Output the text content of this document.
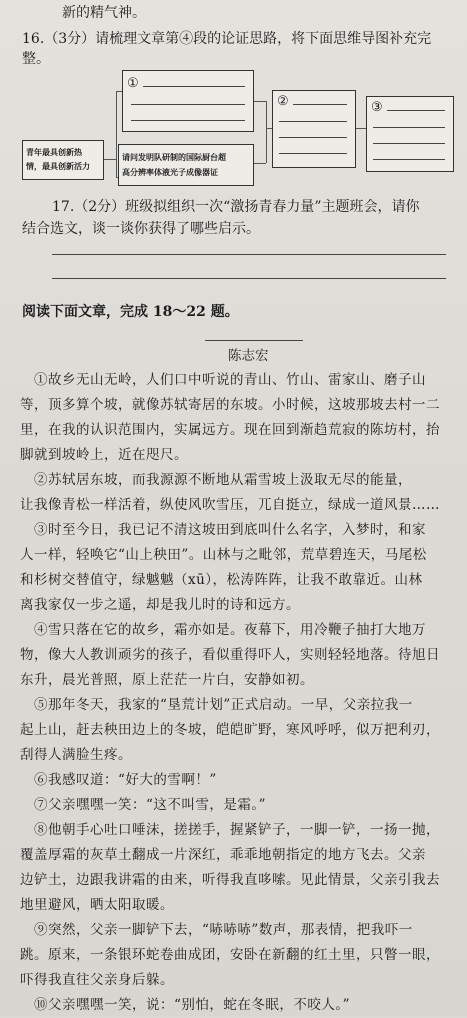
新的精气神。
16.（3分）请梳理文章第④段的论证思路，将下面思维导图补充完
整。
青年最具创新热
情，最具创新活力
①
请问发明队研制的国际厨台超
高分辨率体液光子成像器证
②	③
17.（2分）班级拟组织一次“激扬青春力量”主题班会，请你
结合选文，谈一谈你获得了哪些启示。
阅读下面文章，完成 18～22 题。
陈志宏
①故乡无山无岭，人们口中听说的青山、竹山、雷家山、磨子山
等，顶多算个坡，就像苏轼寄居的东坡。小时候，这坡那坡去村一二
里，在我的认识范围内，实属远方。现在回到渐趋荒寂的陈坊村，抬
脚就到坡岭上，近在咫尺。
②苏轼居东坡，而我源源不断地从霜雪坡上汲取无尽的能量，
让我像青松一样活着，纵使风吹雪压，兀自挺立，绿成一道风景……
③时至今日，我已记不清这坡田到底叫什么名字，入梦时，和家
人一样，轻唤它“山上秧田”。山林与之毗邻，荒草碧连天，马尾松
和杉树交替值守，绿魆魆（xū），松涛阵阵，让我不敢靠近。山林
离我家仅一步之遥，却是我儿时的诗和远方。
④雪只落在它的故乡，霜亦如是。夜幕下，用冷鞭子抽打大地万
物，像大人教训顽劣的孩子，看似重得吓人，实则轻轻地落。待旭日
东升，晨光普照，原上茫茫一片白，安静如初。
⑤那年冬天，我家的“垦荒计划”正式启动。一早，父亲拉我一
起上山，赶去秧田边上的冬坡，皑皑旷野，寒风呼呼，似万把利刃，
刮得人满脸生疼。
⑥我感叹道：“好大的雪啊！”
⑦父亲嘿嘿一笑：“这不叫雪，是霜。”
⑧他朝手心吐口唾沫，搓搓手，握紧铲子，一脚一铲，一扬一抛，
覆盖厚霜的灰草土翻成一片深红，乖乖地朝指定的地方飞去。父亲
边铲土，边跟我讲霜的由来，听得我直哆嗦。见此情景，父亲引我去
地里避风，晒太阳取暖。
⑨突然，父亲一脚铲下去，“哧哧哧”数声，那表情，把我吓一
跳。原来，一条银环蛇卷曲成团，安卧在新翻的红土里，只瞥一眼，
吓得我直往父亲身后躲。
⑩父亲嘿嘿一笑，说：“别怕，蛇在冬眠，不咬人。”
